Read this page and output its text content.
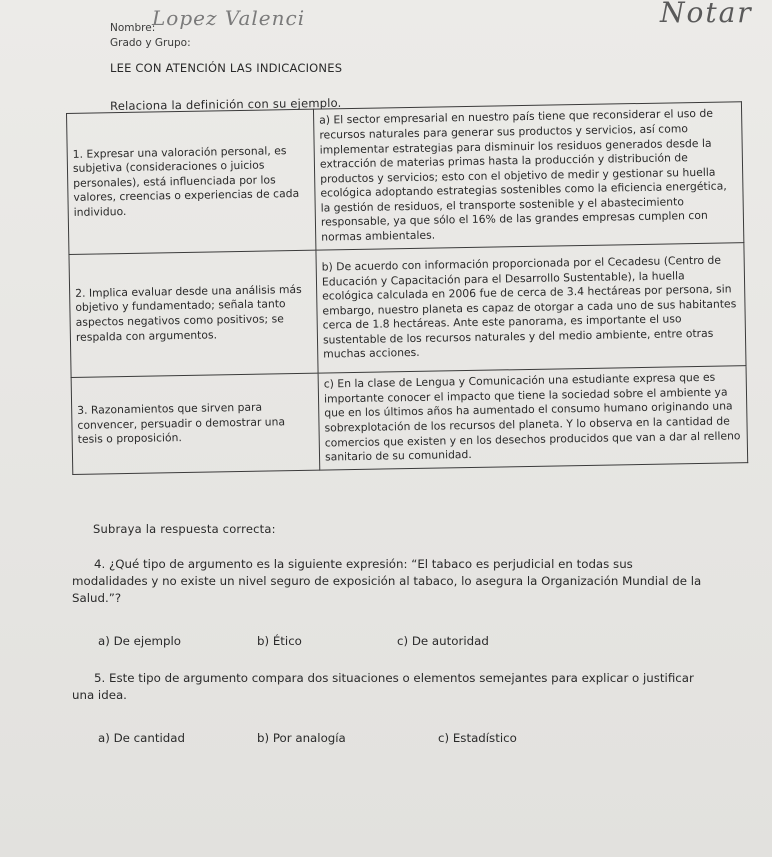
Nombre:
Lopez Valenci
Grado y Grupo:
Notar
LEE CON ATENCIÓN LAS INDICACIONES
Relaciona la definición con su ejemplo.
1. Expresar una valoración personal, es subjetiva (consideraciones o juicios personales), está influenciada por los valores, creencias o experiencias de cada individuo.	a) El sector empresarial en nuestro país tiene que reconsiderar el uso de recursos naturales para generar sus productos y servicios, así como implementar estrategias para disminuir los residuos generados desde la extracción de materias primas hasta la producción y distribución de productos y servicios; esto con el objetivo de medir y gestionar su huella ecológica adoptando estrategias sostenibles como la eficiencia energética, la gestión de residuos, el transporte sostenible y el abastecimiento responsable, ya que sólo el 16% de las grandes empresas cumplen con normas ambientales.
2. Implica evaluar desde una análisis más objetivo y fundamentado; señala tanto aspectos negativos como positivos; se respalda con argumentos.	b) De acuerdo con información proporcionada por el Cecadesu (Centro de Educación y Capacitación para el Desarrollo Sustentable), la huella ecológica calculada en 2006 fue de cerca de 3.4 hectáreas por persona, sin embargo, nuestro planeta es capaz de otorgar a cada uno de sus habitantes cerca de 1.8 hectáreas. Ante este panorama, es importante el uso sustentable de los recursos naturales y del medio ambiente, entre otras muchas acciones.
3. Razonamientos que sirven para convencer, persuadir o demostrar una tesis o proposición.	c) En la clase de Lengua y Comunicación una estudiante expresa que es importante conocer el impacto que tiene la sociedad sobre el ambiente ya que en los últimos años ha aumentado el consumo humano originando una sobrexplotación de los recursos del planeta. Y lo observa en la cantidad de comercios que existen y en los desechos producidos que van a dar al relleno sanitario de su comunidad.
Subraya la respuesta correcta:
4. ¿Qué tipo de argumento es la siguiente expresión: “El tabaco es perjudicial en todas sus modalidades y no existe un nivel seguro de exposición al tabaco, lo asegura la Organización Mundial de la Salud.”?
a) De ejemplo	b) Ético	c) De autoridad
5. Este tipo de argumento compara dos situaciones o elementos semejantes para explicar o justificar una idea.
a) De cantidad	b) Por analogía	c) Estadístico
